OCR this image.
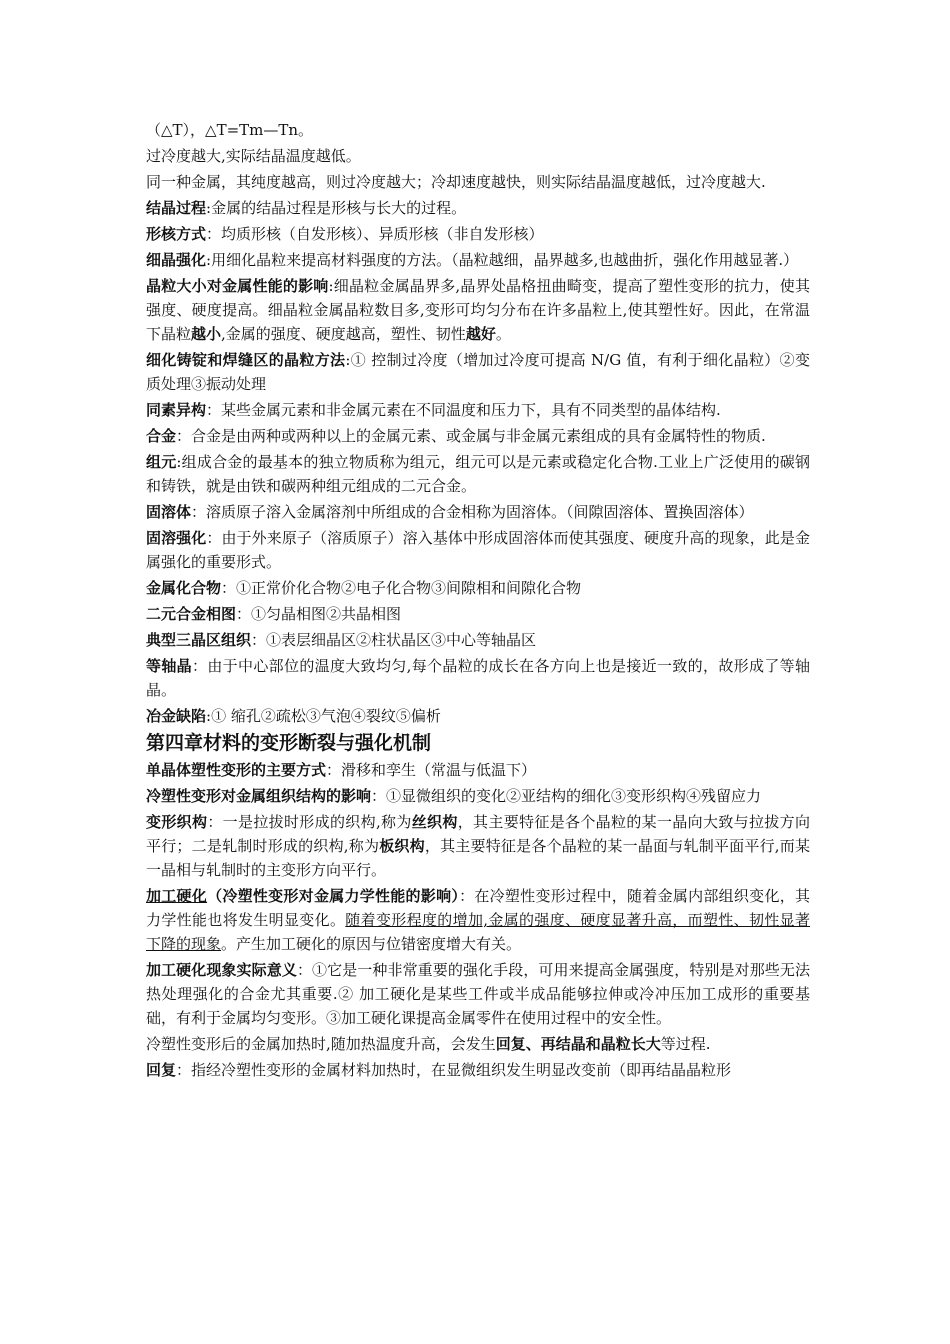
（△T），△T=Tm—Tn。

过冷度越大,实际结晶温度越低。

同一种金属，其纯度越高，则过冷度越大；冷却速度越快，则实际结晶温度越低，过冷度越大.

结晶过程:金属的结晶过程是形核与长大的过程。

形核方式：均质形核（自发形核）、异质形核（非自发形核）

细晶强化:用细化晶粒来提高材料强度的方法。（晶粒越细，晶界越多,也越曲折，强化作用越显著.）

晶粒大小对金属性能的影响:细晶粒金属晶界多,晶界处晶格扭曲畸变，提高了塑性变形的抗力，使其强度、硬度提高。细晶粒金属晶粒数目多,变形可均匀分布在许多晶粒上,使其塑性好。因此，在常温下晶粒越小,金属的强度、硬度越高，塑性、韧性越好。

细化铸锭和焊缝区的晶粒方法:① 控制过冷度（增加过冷度可提高 N/G 值，有利于细化晶粒）②变质处理③振动处理

同素异构：某些金属元素和非金属元素在不同温度和压力下，具有不同类型的晶体结构.

合金：合金是由两种或两种以上的金属元素、或金属与非金属元素组成的具有金属特性的物质.

组元:组成合金的最基本的独立物质称为组元，组元可以是元素或稳定化合物.工业上广泛使用的碳钢和铸铁，就是由铁和碳两种组元组成的二元合金。

固溶体：溶质原子溶入金属溶剂中所组成的合金相称为固溶体。（间隙固溶体、置换固溶体）

固溶强化：由于外来原子（溶质原子）溶入基体中形成固溶体而使其强度、硬度升高的现象，此是金属强化的重要形式。

金属化合物：①正常价化合物②电子化合物③间隙相和间隙化合物

二元合金相图：①匀晶相图②共晶相图

典型三晶区组织：①表层细晶区②柱状晶区③中心等轴晶区

等轴晶：由于中心部位的温度大致均匀,每个晶粒的成长在各方向上也是接近一致的，故形成了等轴晶。

冶金缺陷:① 缩孔②疏松③气泡④裂纹⑤偏析

第四章材料的变形断裂与强化机制

单晶体塑性变形的主要方式：滑移和孪生（常温与低温下）

冷塑性变形对金属组织结构的影响：①显微组织的变化②亚结构的细化③变形织构④残留应力

变形织构：一是拉拔时形成的织构,称为丝织构，其主要特征是各个晶粒的某一晶向大致与拉拔方向平行；二是轧制时形成的织构,称为板织构，其主要特征是各个晶粒的某一晶面与轧制平面平行,而某一晶相与轧制时的主变形方向平行。

加工硬化（冷塑性变形对金属力学性能的影响）：在冷塑性变形过程中，随着金属内部组织变化，其力学性能也将发生明显变化。随着变形程度的增加,金属的强度、硬度显著升高，而塑性、韧性显著下降的现象。产生加工硬化的原因与位错密度增大有关。

加工硬化现象实际意义：①它是一种非常重要的强化手段，可用来提高金属强度，特别是对那些无法热处理强化的合金尤其重要.② 加工硬化是某些工件或半成品能够拉伸或冷冲压加工成形的重要基础，有利于金属均匀变形。③加工硬化课提高金属零件在使用过程中的安全性。

冷塑性变形后的金属加热时,随加热温度升高，会发生回复、再结晶和晶粒长大等过程.

回复：指经冷塑性变形的金属材料加热时，在显微组织发生明显改变前（即再结晶晶粒形
